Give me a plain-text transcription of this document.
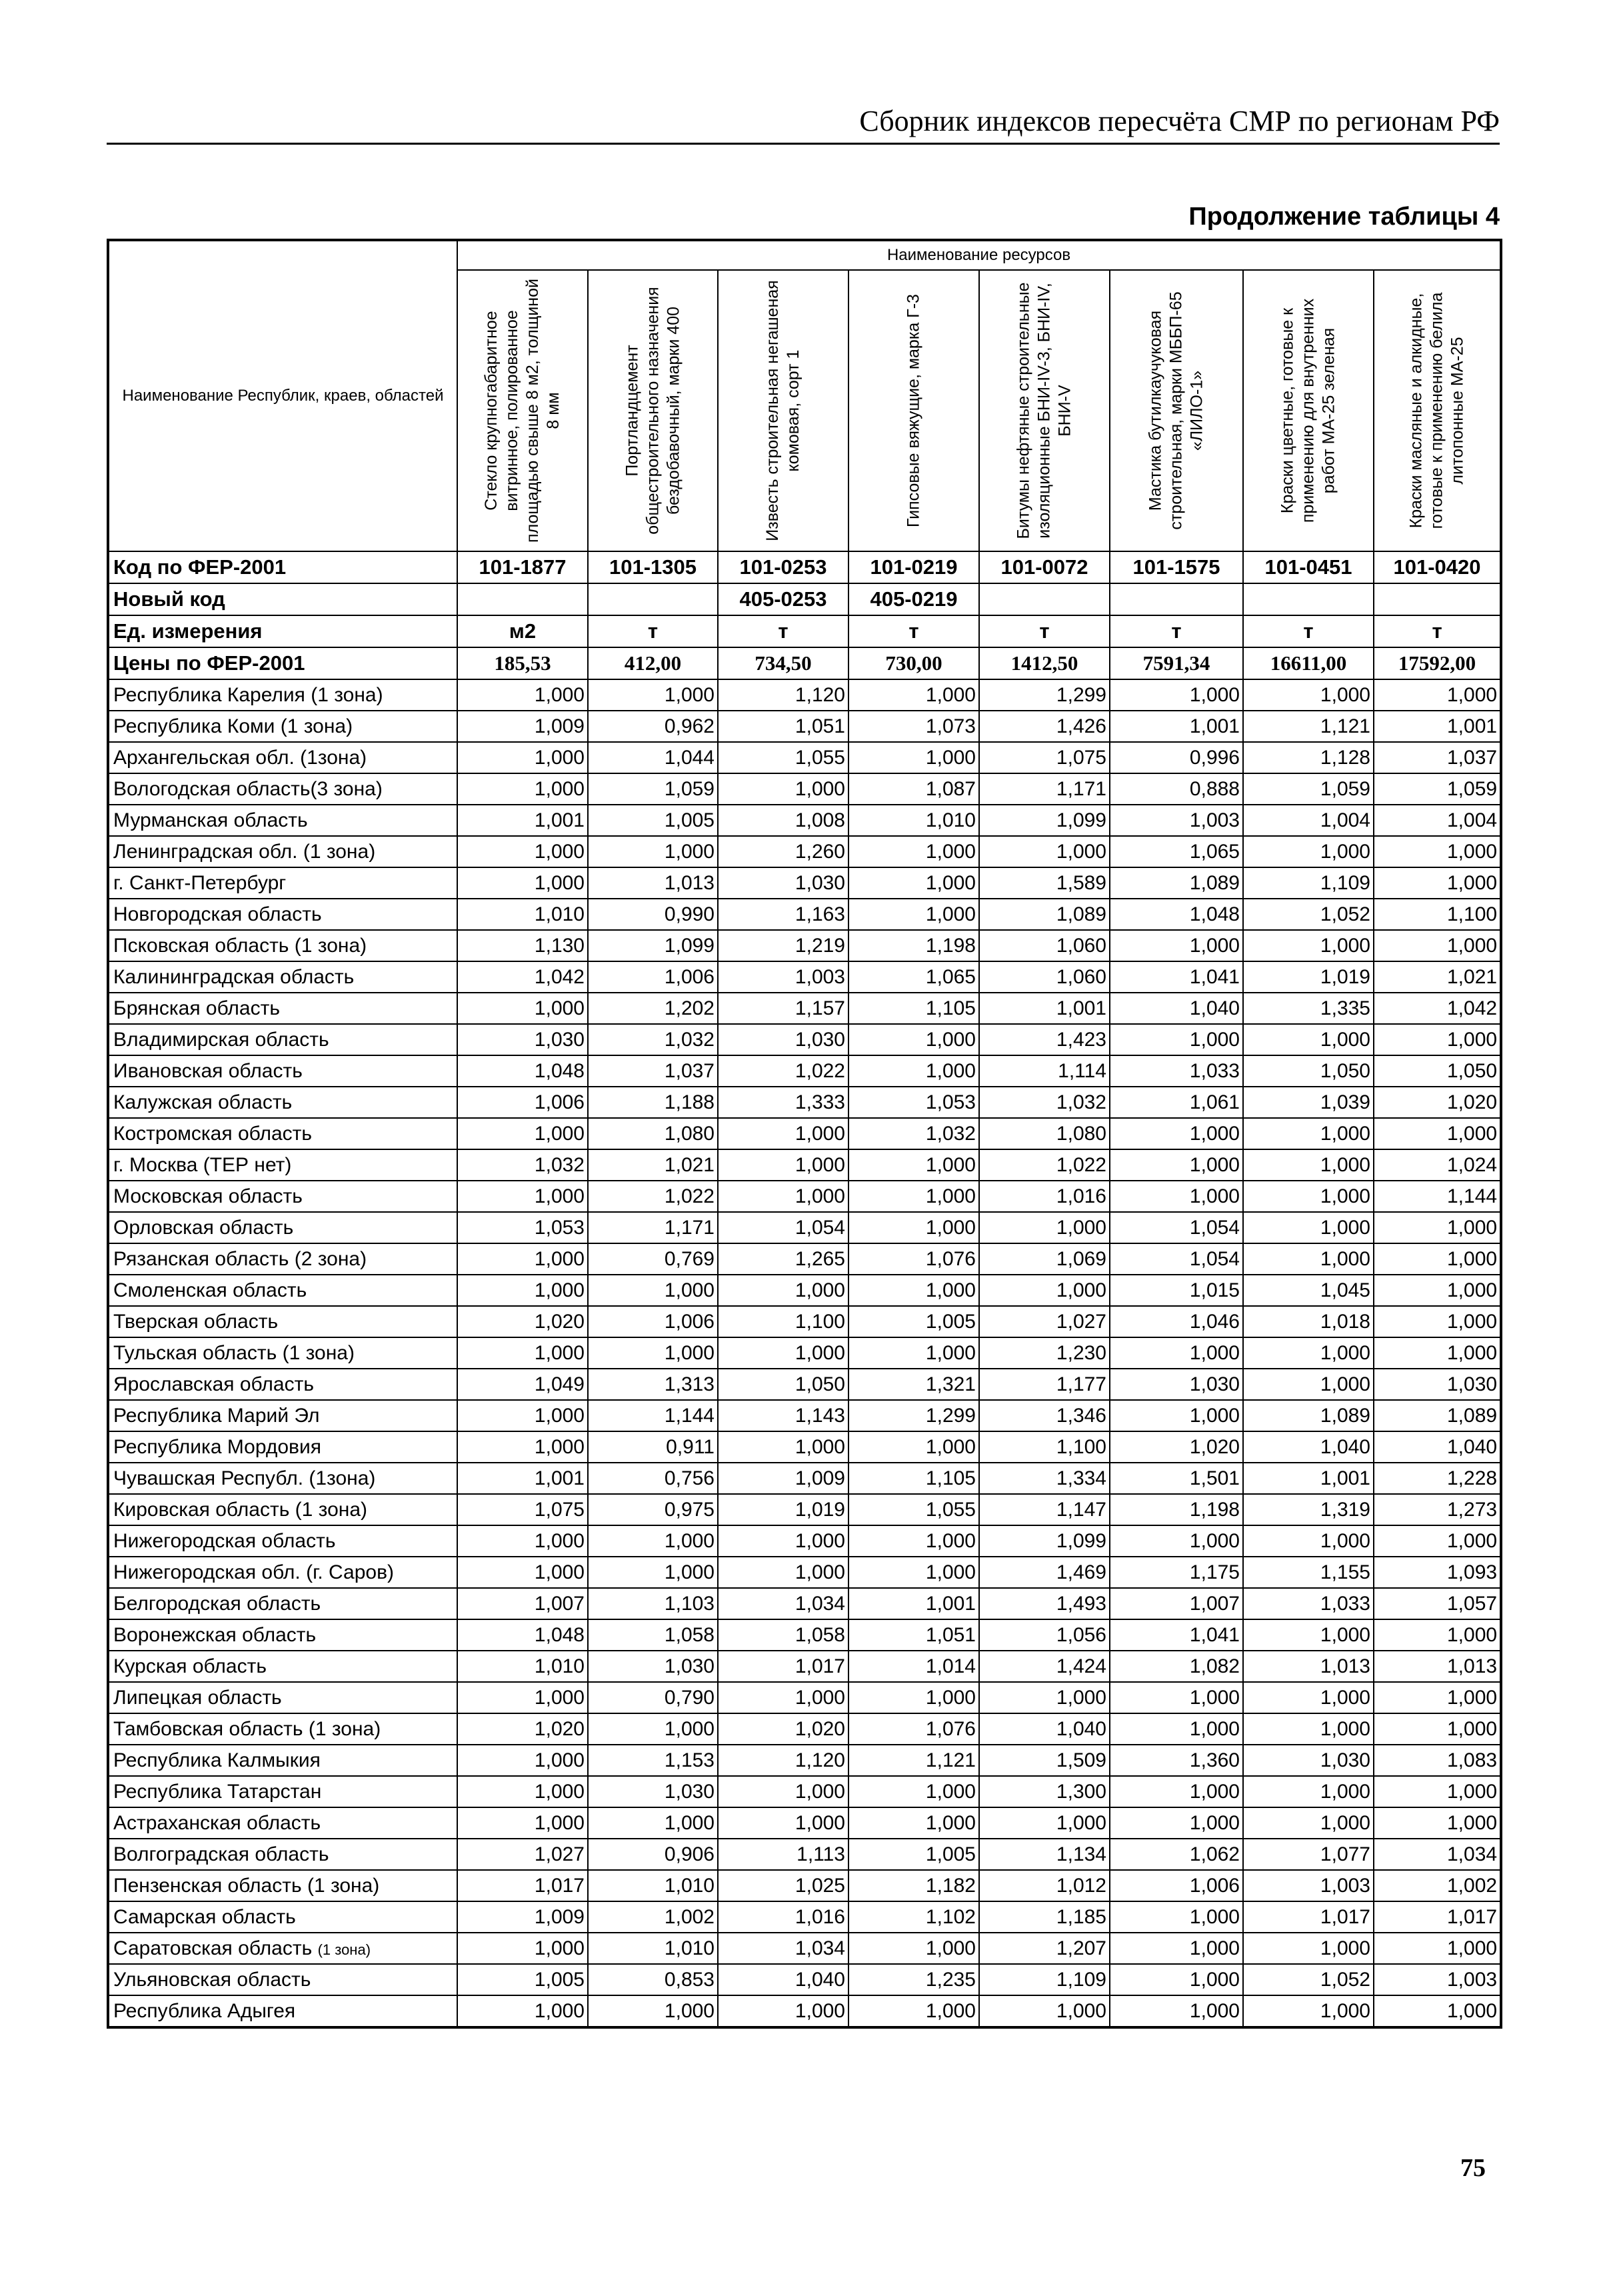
Сборник индексов пересчёта СМР по регионам РФ
Продолжение таблицы 4
Наименование Республик, краев, областей	Наименование ресурсов							

	Стекло крупногабаритное витринное, полированное площадью свыше 8 м2, толщиной 8 мм	Портландцемент общестроительного назначения бездобавочный, марки 400	Известь строительная негашеная комовая, сорт 1	Гипсовые вяжущие, марка Г-3	Битумы нефтяные строительные изоляционные БНИ-IV-3, БНИ-IV, БНИ-V	Мастика бутилкаучуковая строительная, марки МББП-65 «ЛИЛО-1»	Краски цветные, готовые к применению для внутренних работ МА-25 зеленая	Краски масляные и алкидные, готовые к применению белила литопонные МА-25

Код по ФЕР-2001	101-1877	101-1305	101-0253	101-0219	101-0072	101-1575	101-0451	101-0420
Новый код			405-0253	405-0219				
Ед. измерения	м2	т	т	т	т	т	т	т
Цены по ФЕР-2001	185,53	412,00	734,50	730,00	1412,50	7591,34	16611,00	17592,00
Республика Карелия (1 зона)	1,000	1,000	1,120	1,000	1,299	1,000	1,000	1,000
Республика Коми (1 зона)	1,009	0,962	1,051	1,073	1,426	1,001	1,121	1,001
Архангельская обл. (1зона)	1,000	1,044	1,055	1,000	1,075	0,996	1,128	1,037
Вологодская область(3 зона)	1,000	1,059	1,000	1,087	1,171	0,888	1,059	1,059
Мурманская область	1,001	1,005	1,008	1,010	1,099	1,003	1,004	1,004
Ленинградская обл. (1 зона)	1,000	1,000	1,260	1,000	1,000	1,065	1,000	1,000
г. Санкт-Петербург	1,000	1,013	1,030	1,000	1,589	1,089	1,109	1,000
Новгородская область	1,010	0,990	1,163	1,000	1,089	1,048	1,052	1,100
Псковская область (1 зона)	1,130	1,099	1,219	1,198	1,060	1,000	1,000	1,000
Калининградская область	1,042	1,006	1,003	1,065	1,060	1,041	1,019	1,021
Брянская область	1,000	1,202	1,157	1,105	1,001	1,040	1,335	1,042
Владимирская область	1,030	1,032	1,030	1,000	1,423	1,000	1,000	1,000
Ивановская область	1,048	1,037	1,022	1,000	1,114	1,033	1,050	1,050
Калужская область	1,006	1,188	1,333	1,053	1,032	1,061	1,039	1,020
Костромская область	1,000	1,080	1,000	1,032	1,080	1,000	1,000	1,000
г. Москва (ТЕР нет)	1,032	1,021	1,000	1,000	1,022	1,000	1,000	1,024
Московская область	1,000	1,022	1,000	1,000	1,016	1,000	1,000	1,144
Орловская область	1,053	1,171	1,054	1,000	1,000	1,054	1,000	1,000
Рязанская область (2 зона)	1,000	0,769	1,265	1,076	1,069	1,054	1,000	1,000
Смоленская область	1,000	1,000	1,000	1,000	1,000	1,015	1,045	1,000
Тверская область	1,020	1,006	1,100	1,005	1,027	1,046	1,018	1,000
Тульская область (1 зона)	1,000	1,000	1,000	1,000	1,230	1,000	1,000	1,000
Ярославская область	1,049	1,313	1,050	1,321	1,177	1,030	1,000	1,030
Республика Марий Эл	1,000	1,144	1,143	1,299	1,346	1,000	1,089	1,089
Республика Мордовия	1,000	0,911	1,000	1,000	1,100	1,020	1,040	1,040
Чувашская Республ. (1зона)	1,001	0,756	1,009	1,105	1,334	1,501	1,001	1,228
Кировская область (1 зона)	1,075	0,975	1,019	1,055	1,147	1,198	1,319	1,273
Нижегородская область	1,000	1,000	1,000	1,000	1,099	1,000	1,000	1,000
Нижегородская обл. (г. Саров)	1,000	1,000	1,000	1,000	1,469	1,175	1,155	1,093
Белгородская область	1,007	1,103	1,034	1,001	1,493	1,007	1,033	1,057
Воронежская область	1,048	1,058	1,058	1,051	1,056	1,041	1,000	1,000
Курская область	1,010	1,030	1,017	1,014	1,424	1,082	1,013	1,013
Липецкая область	1,000	0,790	1,000	1,000	1,000	1,000	1,000	1,000
Тамбовская область (1 зона)	1,020	1,000	1,020	1,076	1,040	1,000	1,000	1,000
Республика Калмыкия	1,000	1,153	1,120	1,121	1,509	1,360	1,030	1,083
Республика Татарстан	1,000	1,030	1,000	1,000	1,300	1,000	1,000	1,000
Астраханская область	1,000	1,000	1,000	1,000	1,000	1,000	1,000	1,000
Волгоградская область	1,027	0,906	1,113	1,005	1,134	1,062	1,077	1,034
Пензенская область (1 зона)	1,017	1,010	1,025	1,182	1,012	1,006	1,003	1,002
Самарская область	1,009	1,002	1,016	1,102	1,185	1,000	1,017	1,017
Саратовская область (1 зона)	1,000	1,010	1,034	1,000	1,207	1,000	1,000	1,000
Ульяновская область	1,005	0,853	1,040	1,235	1,109	1,000	1,052	1,003
Республика Адыгея	1,000	1,000	1,000	1,000	1,000	1,000	1,000	1,000
75
